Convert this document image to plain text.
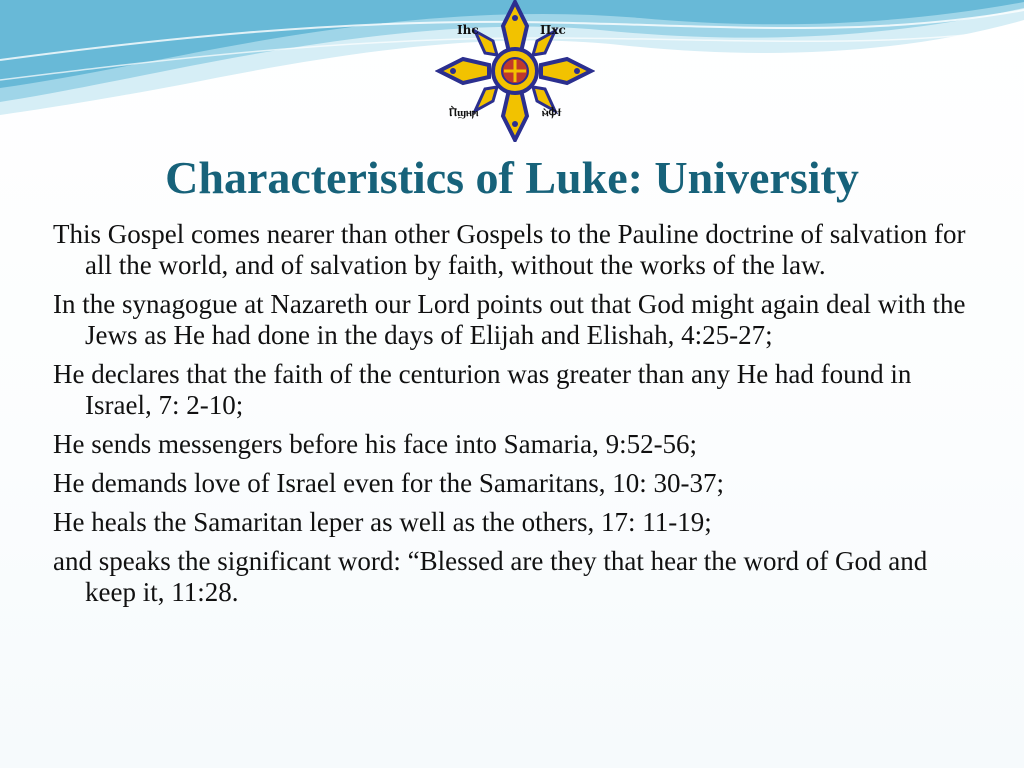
Ihc	Πxc
Ⲡ̀ϣⲏⲣⲓ	ⲙ̀Ⲫϯ
Characteristics of Luke: University
This Gospel comes nearer than other Gospels to the Pauline doctrine of salvation for all the world, and of salvation by faith, without the works of the law.
In the synagogue at Nazareth our Lord points out that God might again deal with the Jews as He had done in the days of Elijah and Elishah, 4:25-27;
He declares that the faith of the centurion was greater than any He had found in Israel, 7: 2-10;
He sends messengers before his face into Samaria, 9:52-56;
He demands love of Israel even for the Samaritans, 10: 30-37;
He heals the Samaritan leper as well as the others, 17: 11-19;
and speaks the significant word: “Blessed are they that hear the word of God and keep it, 11:28.
